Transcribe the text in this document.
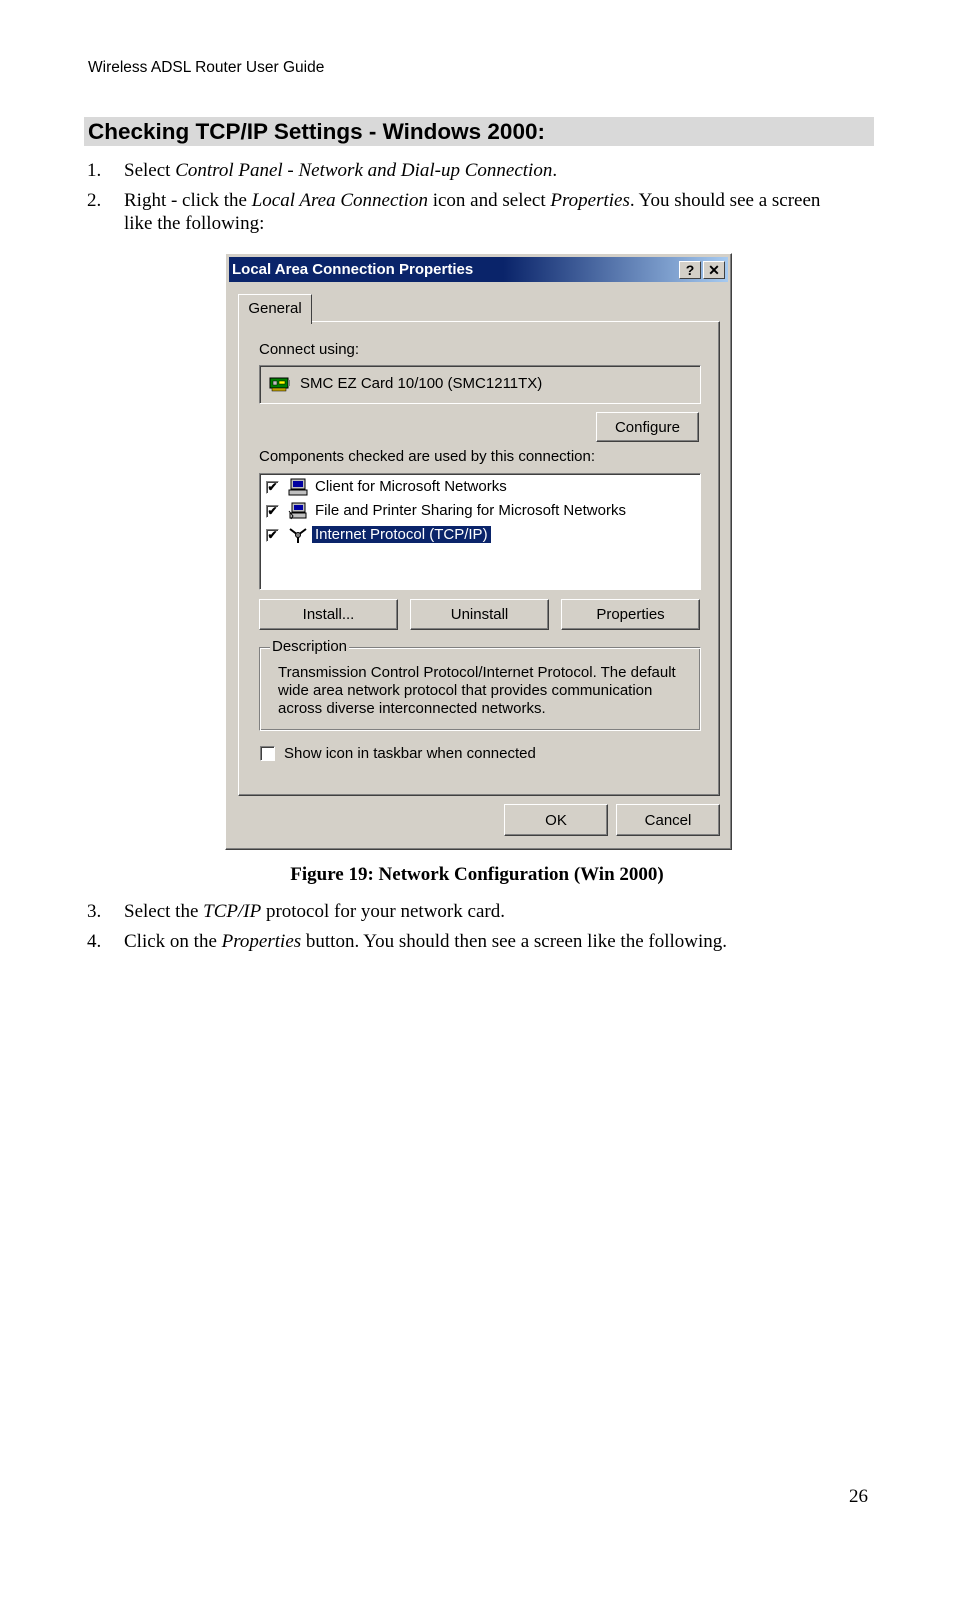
Wireless ADSL Router User Guide
Checking TCP/IP Settings - Windows 2000:
1. Select Control Panel - Network and Dial-up Connection.
2. Right - click the Local Area Connection icon and select Properties. You should see a screen like the following:
Local Area Connection Properties	? ✕
General
Connect using:
SMC EZ Card 10/100 (SMC1211TX)
Configure
Components checked are used by this connection:
✔ Client for Microsoft Networks
✔ File and Printer Sharing for Microsoft Networks
✔ Internet Protocol (TCP/IP)
Install...	Uninstall	Properties
Description
Transmission Control Protocol/Internet Protocol. The default wide area network protocol that provides communication across diverse interconnected networks.
Show icon in taskbar when connected
OK	Cancel
Figure 19: Network Configuration (Win 2000)
3. Select the TCP/IP protocol for your network card.
4. Click on the Properties button. You should then see a screen like the following.
26
